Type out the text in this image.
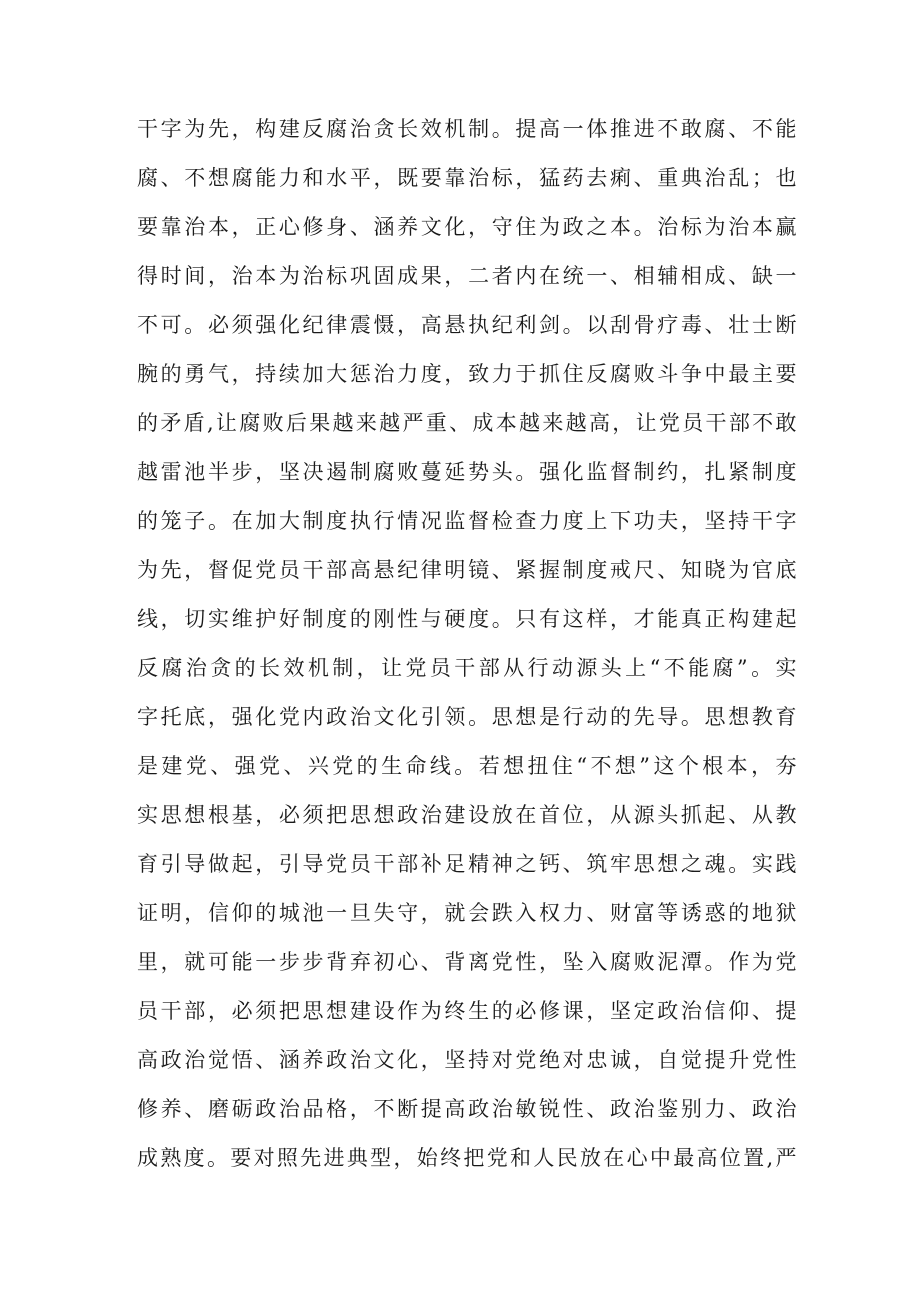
干字为先，构建反腐治贪长效机制。提高一体推进不敢腐、不能
腐、不想腐能力和水平，既要靠治标，猛药去痢、重典治乱；也
要靠治本，正心修身、涵养文化，守住为政之本。治标为治本赢
得时间，治本为治标巩固成果，二者内在统一、相辅相成、缺一
不可。必须强化纪律震慑，高悬执纪利剑。以刮骨疗毒、壮士断
腕的勇气，持续加大惩治力度，致力于抓住反腐败斗争中最主要
的矛盾,让腐败后果越来越严重、成本越来越高，让党员干部不敢
越雷池半步，坚决遏制腐败蔓延势头。强化监督制约，扎紧制度
的笼子。在加大制度执行情况监督检查力度上下功夫，坚持干字
为先，督促党员干部高悬纪律明镜、紧握制度戒尺、知晓为官底
线，切实维护好制度的刚性与硬度。只有这样，才能真正构建起
反腐治贪的长效机制，让党员干部从行动源头上“不能腐”。实
字托底，强化党内政治文化引领。思想是行动的先导。思想教育
是建党、强党、兴党的生命线。若想扭住“不想”这个根本，夯
实思想根基，必须把思想政治建设放在首位，从源头抓起、从教
育引导做起，引导党员干部补足精神之钙、筑牢思想之魂。实践
证明，信仰的城池一旦失守，就会跌入权力、财富等诱惑的地狱
里，就可能一步步背弃初心、背离党性，坠入腐败泥潭。作为党
员干部，必须把思想建设作为终生的必修课，坚定政治信仰、提
高政治觉悟、涵养政治文化，坚持对党绝对忠诚，自觉提升党性
修养、磨砺政治品格，不断提高政治敏锐性、政治鉴别力、政治
成熟度。要对照先进典型，始终把党和人民放在心中最高位置,严
